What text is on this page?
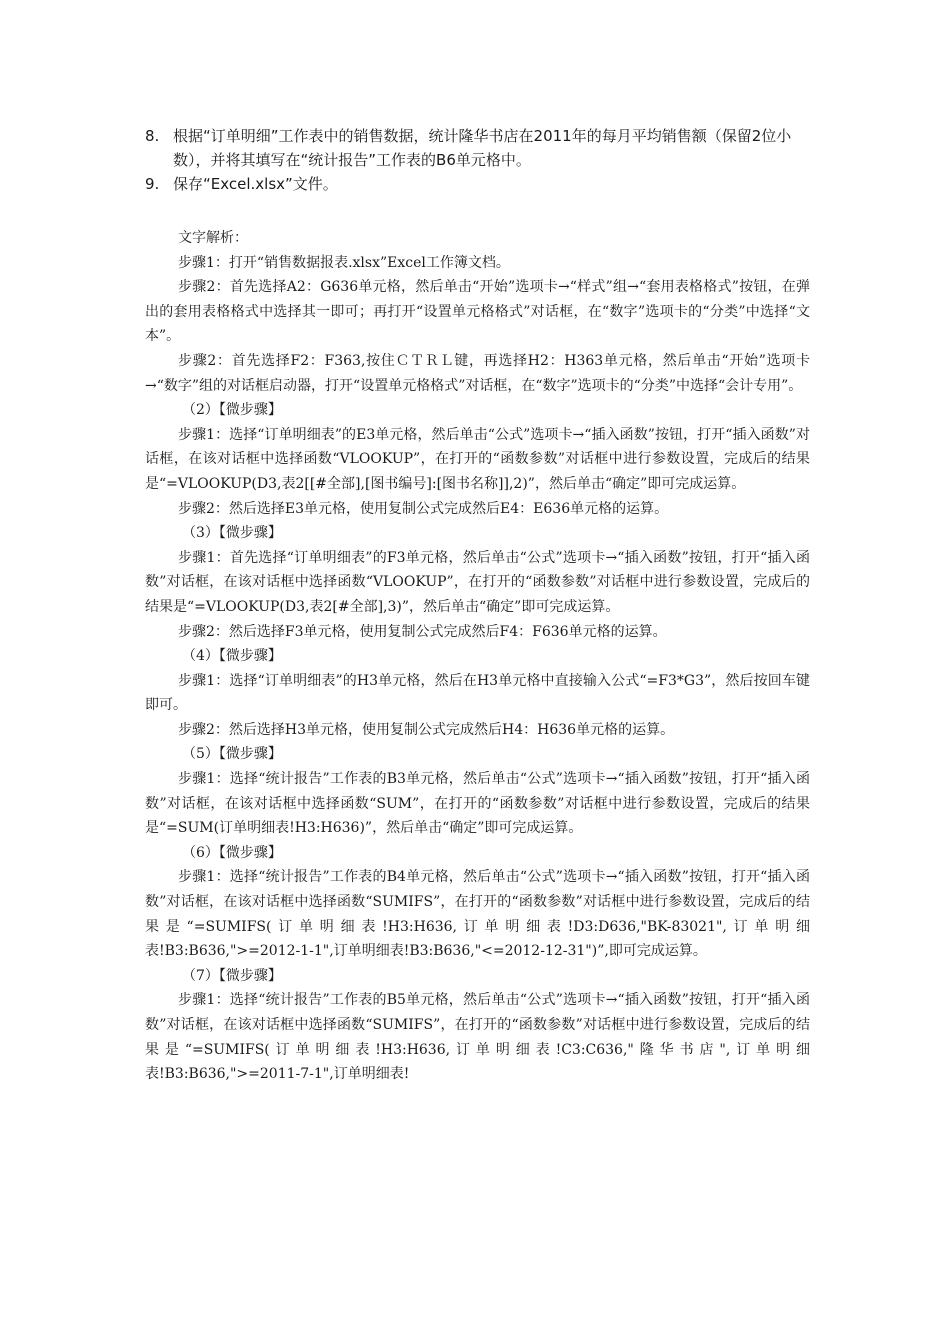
8. 根据“订单明细”工作表中的销售数据，统计隆华书店在2011年的每月平均销售额（保留2位小数），并将其填写在“统计报告”工作表的B6单元格中。
9. 保存“Excel.xlsx”文件。

文字解析：

步骤1：打开“销售数据报表.xlsx”Excel工作簿文档。

步骤2：首先选择A2：G636单元格，然后单击“开始”选项卡→“样式”组→“套用表格格式”按钮，在弹出的套用表格格式中选择其一即可；再打开“设置单元格格式”对话框，在“数字”选项卡的“分类”中选择“文本”。

步骤2：首先选择F2：F363,按住ＣＴＲＬ键，再选择H2：H363单元格，然后单击“开始”选项卡→“数字”组的对话框启动器，打开“设置单元格格式”对话框，在“数字”选项卡的“分类”中选择“会计专用”。

（2）【微步骤】

步骤1：选择“订单明细表”的E3单元格，然后单击“公式”选项卡→“插入函数”按钮，打开“插入函数”对话框，在该对话框中选择函数“VLOOKUP”，在打开的“函数参数”对话框中进行参数设置，完成后的结果是“=VLOOKUP(D3,表2[[#全部],[图书编号]:[图书名称]],2)”，然后单击“确定”即可完成运算。

步骤2：然后选择E3单元格，使用复制公式完成然后E4：E636单元格的运算。

（3）【微步骤】

步骤1：首先选择“订单明细表”的F3单元格，然后单击“公式”选项卡→“插入函数”按钮，打开“插入函数”对话框，在该对话框中选择函数“VLOOKUP”，在打开的“函数参数”对话框中进行参数设置，完成后的结果是“=VLOOKUP(D3,表2[#全部],3)”，然后单击“确定”即可完成运算。

步骤2：然后选择F3单元格，使用复制公式完成然后F4：F636单元格的运算。

（4）【微步骤】

步骤1：选择“订单明细表”的H3单元格，然后在H3单元格中直接输入公式“=F3*G3”，然后按回车键即可。

步骤2：然后选择H3单元格，使用复制公式完成然后H4：H636单元格的运算。

（5）【微步骤】

步骤1：选择“统计报告”工作表的B3单元格，然后单击“公式”选项卡→“插入函数”按钮，打开“插入函数”对话框，在该对话框中选择函数“SUM”，在打开的“函数参数”对话框中进行参数设置，完成后的结果是“=SUM(订单明细表!H3:H636)”，然后单击“确定”即可完成运算。

（6）【微步骤】

步骤1：选择“统计报告”工作表的B4单元格，然后单击“公式”选项卡→“插入函数”按钮，打开“插入函数”对话框，在该对话框中选择函数“SUMIFS”，在打开的“函数参数”对话框中进行参数设置，完成后的结果是“=SUMIFS(订单明细表!H3:H636,订单明细表!D3:D636,"BK-83021",订单明细表!B3:B636,">=2012-1-1",订单明细表!B3:B636,"<=2012-12-31")”,即可完成运算。

（7）【微步骤】

步骤1：选择“统计报告”工作表的B5单元格，然后单击“公式”选项卡→“插入函数”按钮，打开“插入函数”对话框，在该对话框中选择函数“SUMIFS”，在打开的“函数参数”对话框中进行参数设置，完成后的结果是“=SUMIFS(订单明细表!H3:H636,订单明细表!C3:C636,"隆华书店",订单明细表!B3:B636,">=2011-7-1",订单明细表!
